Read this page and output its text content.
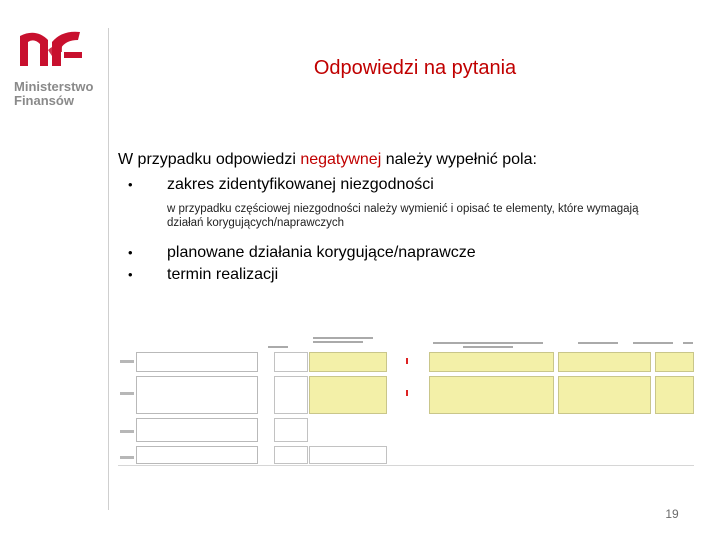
Ministerstwo
Finansów
Odpowiedzi na pytania
W przypadku odpowiedzi negatywnej należy wypełnić pola:
• zakres zidentyfikowanej niezgodności
w przypadku częściowej niezgodności należy wymienić i opisać te elementy, które wymagają działań korygujących/naprawczych
• planowane działania korygujące/naprawcze
• termin realizacji
19
